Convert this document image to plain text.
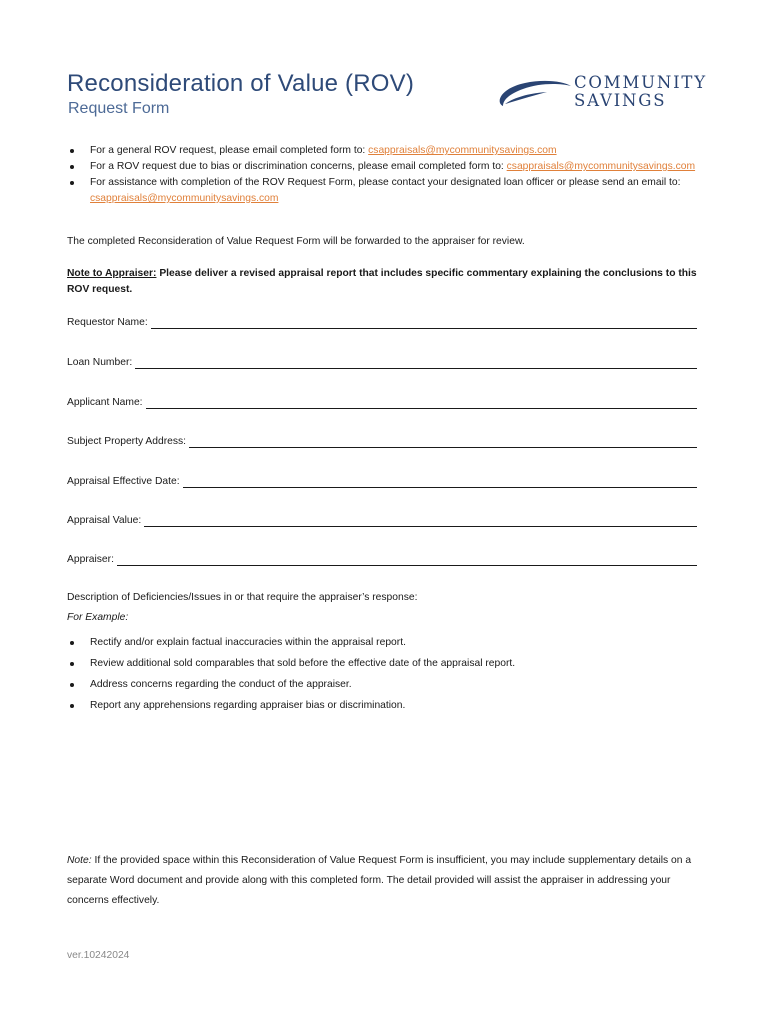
Reconsideration of Value (ROV)
Request Form
COMMUNITY
SAVINGS
For a general ROV request, please email completed form to: csappraisals@mycommunitysavings.com
For a ROV request due to bias or discrimination concerns, please email completed form to: csappraisals@mycommunitysavings.com
For assistance with completion of the ROV Request Form, please contact your designated loan officer or please send an email to: csappraisals@mycommunitysavings.com
The completed Reconsideration of Value Request Form will be forwarded to the appraiser for review.
Note to Appraiser: Please deliver a revised appraisal report that includes specific commentary explaining the conclusions to this ROV request.
Requestor Name:
Loan Number:
Applicant Name:
Subject Property Address:
Appraisal Effective Date:
Appraisal Value:
Appraiser:
Description of Deficiencies/Issues in or that require the appraiser’s response:
For Example:
Rectify and/or explain factual inaccuracies within the appraisal report.
Review additional sold comparables that sold before the effective date of the appraisal report.
Address concerns regarding the conduct of the appraiser.
Report any apprehensions regarding appraiser bias or discrimination.
Note: If the provided space within this Reconsideration of Value Request Form is insufficient, you may include supplementary details on a separate Word document and provide along with this completed form. The detail provided will assist the appraiser in addressing your concerns effectively.
ver.10242024
